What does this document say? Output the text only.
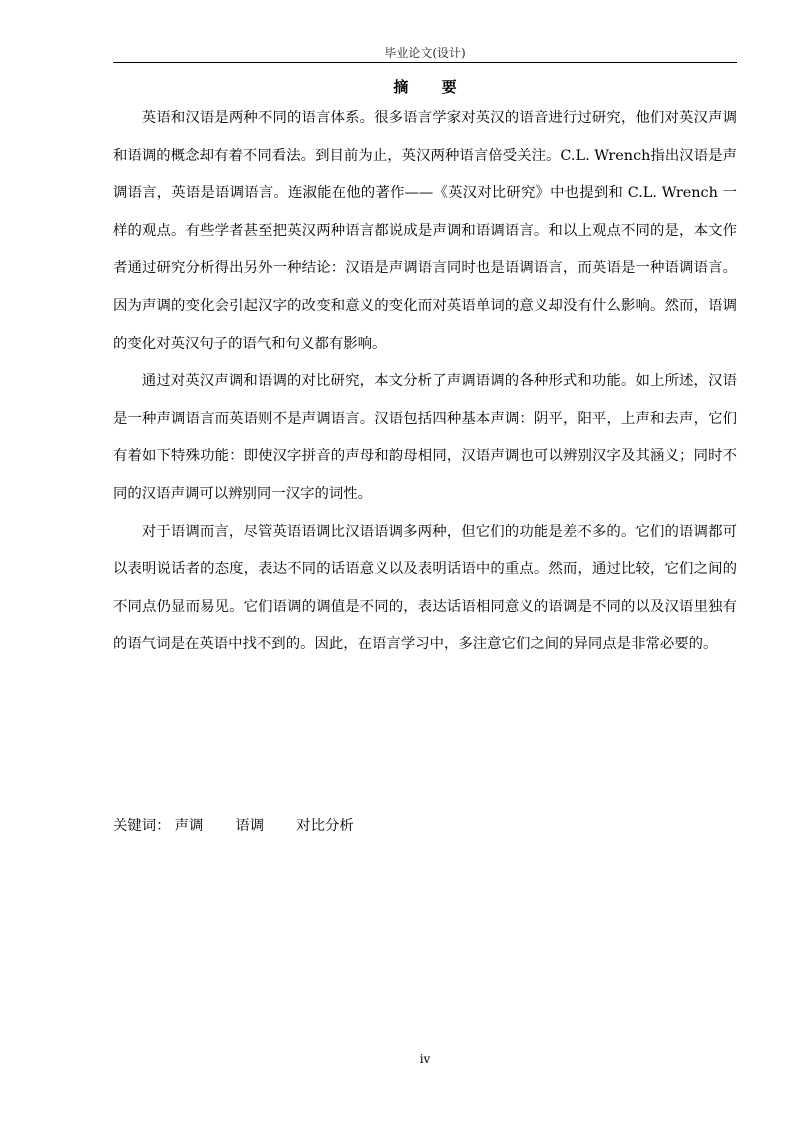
毕业论文(设计)
摘 要

英语和汉语是两种不同的语言体系。很多语言学家对英汉的语音进行过研究，他们对英汉声调和语调的概念却有着不同看法。到目前为止，英汉两种语言倍受关注。C.L. Wrench指出汉语是声调语言，英语是语调语言。连淑能在他的著作——《英汉对比研究》中也提到和 C.L. Wrench 一样的观点。有些学者甚至把英汉两种语言都说成是声调和语调语言。和以上观点不同的是，本文作者通过研究分析得出另外一种结论：汉语是声调语言同时也是语调语言，而英语是一种语调语言。因为声调的变化会引起汉字的改变和意义的变化而对英语单词的意义却没有什么影响。然而，语调的变化对英汉句子的语气和句义都有影响。

通过对英汉声调和语调的对比研究，本文分析了声调语调的各种形式和功能。如上所述，汉语是一种声调语言而英语则不是声调语言。汉语包括四种基本声调：阴平，阳平，上声和去声，它们有着如下特殊功能：即使汉字拼音的声母和韵母相同，汉语声调也可以辨别汉字及其涵义；同时不同的汉语声调可以辨别同一汉字的词性。

对于语调而言，尽管英语语调比汉语语调多两种，但它们的功能是差不多的。它们的语调都可以表明说话者的态度，表达不同的话语意义以及表明话语中的重点。然而，通过比较，它们之间的不同点仍显而易见。它们语调的调值是不同的，表达话语相同意义的语调是不同的以及汉语里独有的语气词是在英语中找不到的。因此，在语言学习中，多注意它们之间的异同点是非常必要的。

关键词： 声调 语调 对比分析
iv
